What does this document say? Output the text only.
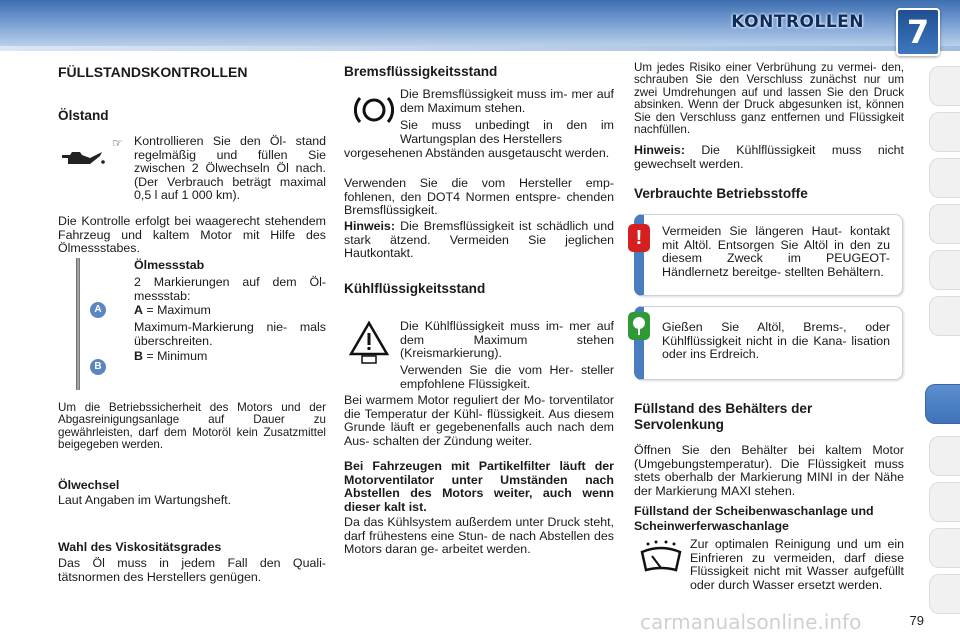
KONTROLLEN	7
FÜLLSTANDSKONTROLLEN
Ölstand
☞ Kontrollieren Sie den Öl- stand regelmäßig und füllen Sie zwischen 2 Ölwechseln Öl nach. (Der Verbrauch beträgt maximal 0,5 l auf 1 000 km).

Die Kontrolle erfolgt bei waagerecht stehendem Fahrzeug und kaltem Motor mit Hilfe des Ölmessstabes.

A
B
Ölmessstab

2 Markierungen auf dem Öl- messstab:

A = Maximum

Maximum-Markierung nie- mals überschreiten.

B = Minimum

Um die Betriebssicherheit des Motors und der Abgasreinigungsanlage auf Dauer zu gewährleisten, darf dem Motoröl kein Zusatzmittel beigegeben werden.

Ölwechsel

Laut Angaben im Wartungsheft.

Wahl des Viskositätsgrades

Das Öl muss in jedem Fall den Quali- tätsnormen des Herstellers genügen.

Bremsflüssigkeitsstand

Die Bremsflüssigkeit muss im- mer auf dem Maximum stehen.

Sie muss unbedingt in den im Wartungsplan des Herstellers

vorgesehenen Abständen ausgetauscht werden.

Verwenden Sie die vom Hersteller emp- fohlenen, den DOT4 Normen entspre- chenden Bremsflüssigkeit.

Hinweis: Die Bremsflüssigkeit ist schädlich und stark ätzend. Vermeiden Sie jeglichen Hautkontakt.

Kühlflüssigkeitsstand

Die Kühlflüssigkeit muss im- mer auf dem Maximum stehen (Kreismarkierung).

Verwenden Sie die vom Her- steller empfohlene Flüssigkeit.

Bei warmem Motor reguliert der Mo- torventilator die Temperatur der Kühl- flüssigkeit. Aus diesem Grunde läuft er gegebenenfalls auch nach dem Aus- schalten der Zündung weiter.

Bei Fahrzeugen mit Partikelfilter läuft der Motorventilator unter Umständen nach Abstellen des Motors weiter, auch wenn dieser kalt ist.

Da das Kühlsystem außerdem unter Druck steht, darf frühestens eine Stun- de nach Abstellen des Motors daran ge- arbeitet werden.

Um jedes Risiko einer Verbrühung zu vermei- den, schrauben Sie den Verschluss zunächst nur um zwei Umdrehungen auf und lassen Sie den Druck absinken. Wenn der Druck abgesunken ist, können Sie den Verschluss ganz entfernen und Flüssigkeit nachfüllen.

Hinweis: Die Kühlflüssigkeit muss nicht gewechselt werden.

Verbrauchte Betriebsstoffe

Vermeiden Sie längeren Haut- kontakt mit Altöl. Entsorgen Sie Altöl in den zu diesem Zweck im PEUGEOT-Händlernetz bereitge- stellten Behältern.

!

Gießen Sie Altöl, Brems-, oder Kühlflüssigkeit nicht in die Kana- lisation oder ins Erdreich.

Füllstand des Behälters der Servolenkung

Öffnen Sie den Behälter bei kaltem Motor (Umgebungstemperatur). Die Flüssigkeit muss stets oberhalb der Markierung MINI in der Nähe der Markierung MAXI stehen.

Füllstand der Scheibenwaschanlage und Scheinwerferwaschanlage

Zur optimalen Reinigung und um ein Einfrieren zu vermeiden, darf diese Flüssigkeit nicht mit Wasser aufgefüllt oder durch Wasser ersetzt werden.

79
carmanualsonline.info
